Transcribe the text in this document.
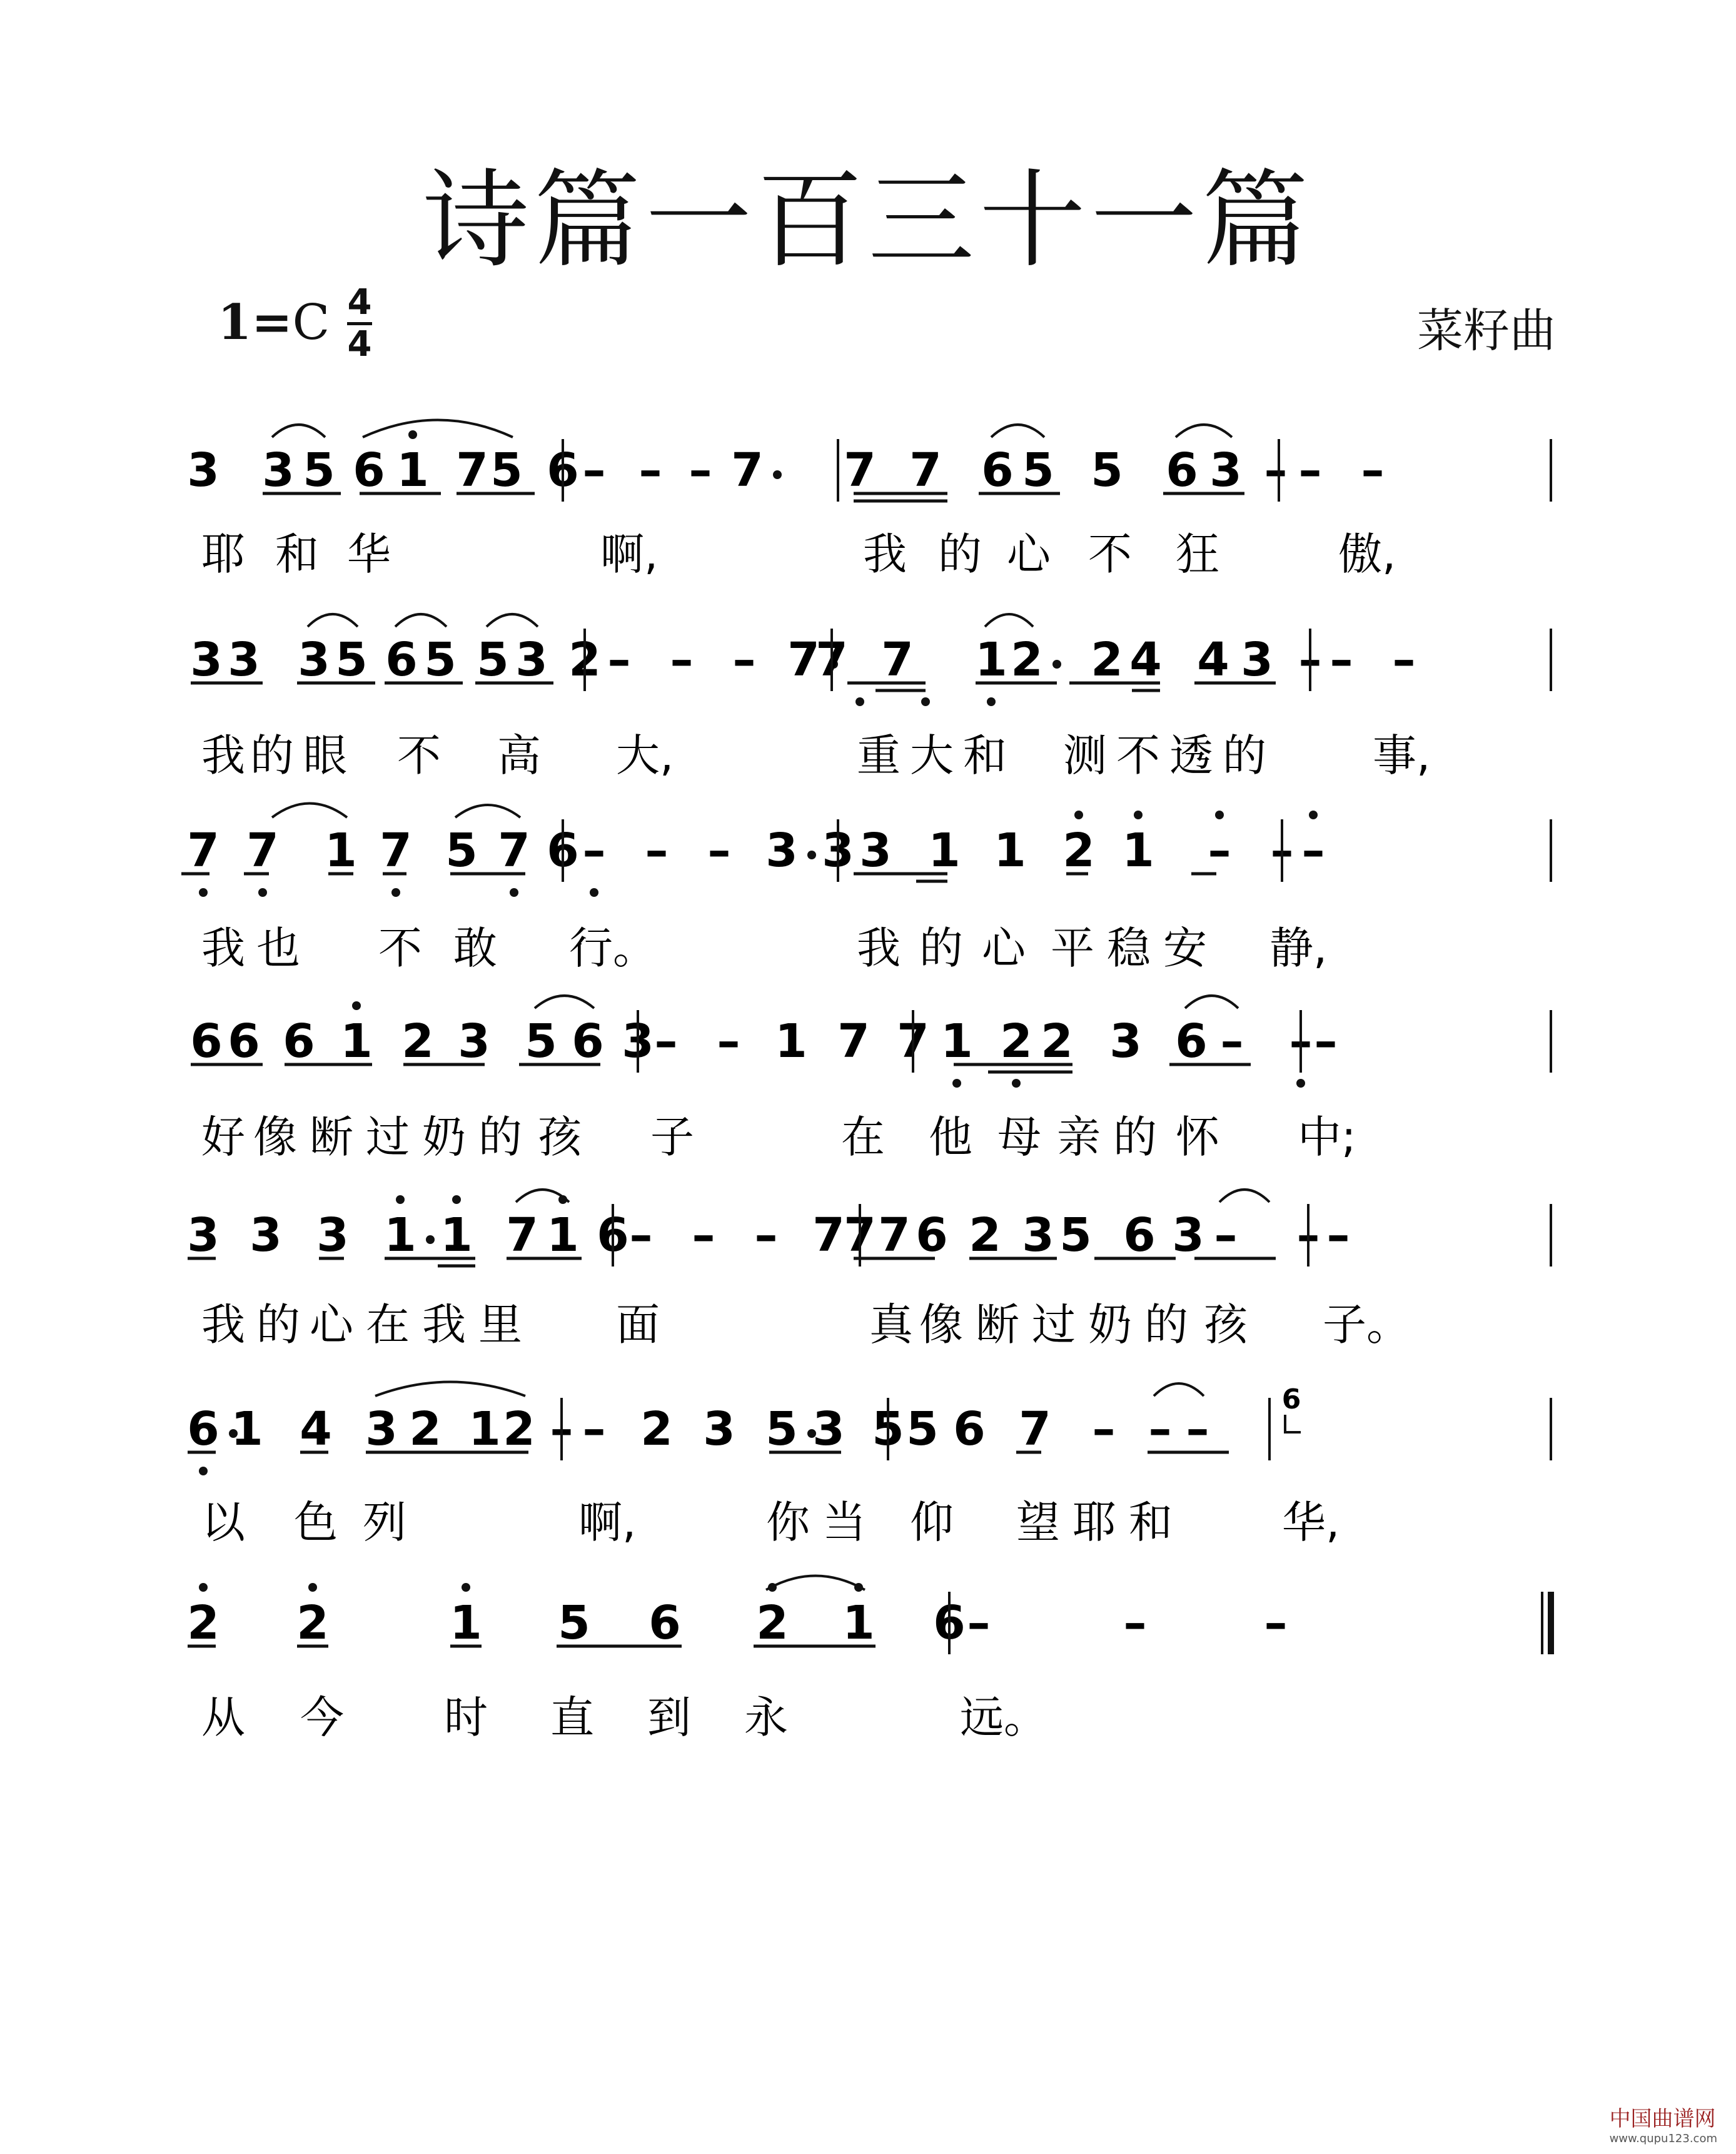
诗篇一百三十一篇
1=C 4
4	菜籽曲
3 3 5 6 1 7 5 6 – – – 7 7 7 6 5 5 6 3 – – –
耶 和 华	啊,	我 的 心 不 狂	傲,
3 3 3 5 6 5 5 3 2 – – – 7
7 7 1 2 2 4 4 3 – – –
我 的 眼 不 高 大,	重 大 和 测 不 透 的 事,
7 7 1 7 5 7 6 – – – 3 3 3 1 1 2 1 – – –
我 也 不 敢 行。	我 的 心 平 稳 安 静,
6 6 6 1 2 3 5 6 3 – – 1 7 7 1 2 2 3 6 – – –
好 像 断 过 奶 的 孩 子	在 他 母 亲 的 怀 中;
3 3 3 1 1 7 1 6 – – – 7
7 7 6 2 3 5 6 3 – – –
我 的 心 在 我 里 面	真 像 断 过 奶 的 孩 子。
6 1 4 3 2 1 2 – – 2 3 5 3 5 5 6 7 – – –
6
以 色 列	啊,	你 当 仰 望 耶 和	华,
2 2	1 5 6 2 1 6 –	–	–
从 今 时 直 到 永	远。
中国曲谱网
www.qupu123.com
